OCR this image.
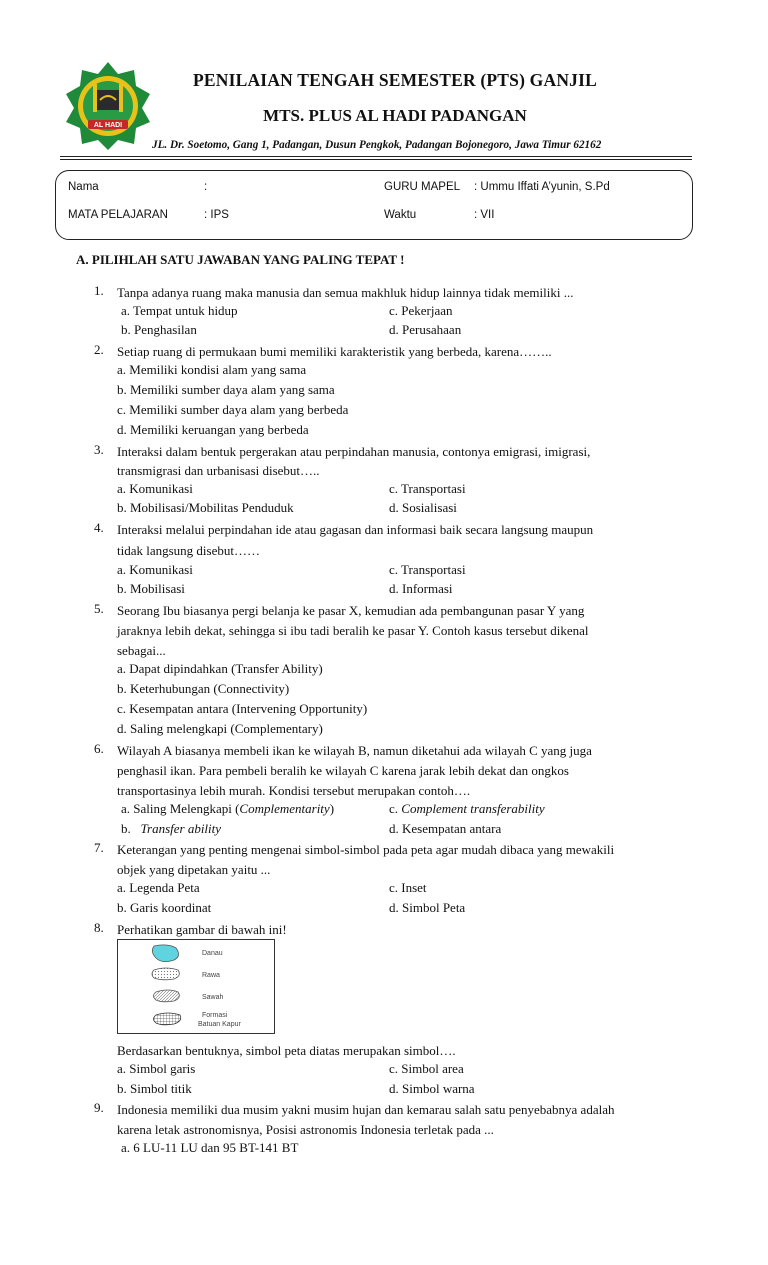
AL HADI
PENILAIAN TENGAH SEMESTER (PTS) GANJIL
MTS. PLUS AL HADI PADANGAN
JL. Dr. Soetomo, Gang 1, Padangan, Dusun Pengkok, Padangan Bojonegoro, Jawa Timur 62162
Nama	:	GURU MAPEL : Ummu Iffati A’yunin, S.Pd
MATA PELAJARAN	: IPS	Waktu	: VII
A. PILIHLAH SATU JAWABAN YANG PALING TEPAT !
1. Tanpa adanya ruang maka manusia dan semua makhluk hidup lainnya tidak memiliki ...
a. Tempat untuk hidup	c. Pekerjaan
b. Penghasilan	d. Perusahaan
2. Setiap ruang di permukaan bumi memiliki karakteristik yang berbeda, karena……..
a. Memiliki kondisi alam yang sama
b. Memiliki sumber daya alam yang sama
c. Memiliki sumber daya alam yang berbeda
d. Memiliki keruangan yang berbeda
3. Interaksi dalam bentuk pergerakan atau perpindahan manusia, contonya emigrasi, imigrasi,
transmigrasi dan urbanisasi disebut…..
a. Komunikasi	c. Transportasi
b. Mobilisasi/Mobilitas Penduduk	d. Sosialisasi
4. Interaksi melalui perpindahan ide atau gagasan dan informasi baik secara langsung maupun
tidak langsung disebut……
a. Komunikasi	c. Transportasi
b. Mobilisasi	d. Informasi
5. Seorang Ibu biasanya pergi belanja ke pasar X, kemudian ada pembangunan pasar Y yang
jaraknya lebih dekat, sehingga si ibu tadi beralih ke pasar Y. Contoh kasus tersebut dikenal
sebagai...
a. Dapat dipindahkan (Transfer Ability)
b. Keterhubungan (Connectivity)
c. Kesempatan antara (Intervening Opportunity)
d. Saling melengkapi (Complementary)
6. Wilayah A biasanya membeli ikan ke wilayah B, namun diketahui ada wilayah C yang juga
penghasil ikan. Para pembeli beralih ke wilayah C karena jarak lebih dekat dan ongkos
transportasinya lebih murah. Kondisi tersebut merupakan contoh….
a. Saling Melengkapi (Complementarity)	c. Complement transferability
b.   Transfer ability	d. Kesempatan antara
7. Keterangan yang penting mengenai simbol-simbol pada peta agar mudah dibaca yang mewakili
objek yang dipetakan yaitu ...
a. Legenda Peta	c. Inset
b. Garis koordinat	d. Simbol Peta
8. Perhatikan gambar di bawah ini!
Danau
Rawa
Sawah
Formasi
Batuan Kapur
Berdasarkan bentuknya, simbol peta diatas merupakan simbol….
a. Simbol garis	c. Simbol area
b. Simbol titik	d. Simbol warna
9. Indonesia memiliki dua musim yakni musim hujan dan kemarau salah satu penyebabnya adalah
karena letak astronomisnya, Posisi astronomis Indonesia terletak pada ...
a. 6 LU-11 LU dan 95 BT-141 BT
